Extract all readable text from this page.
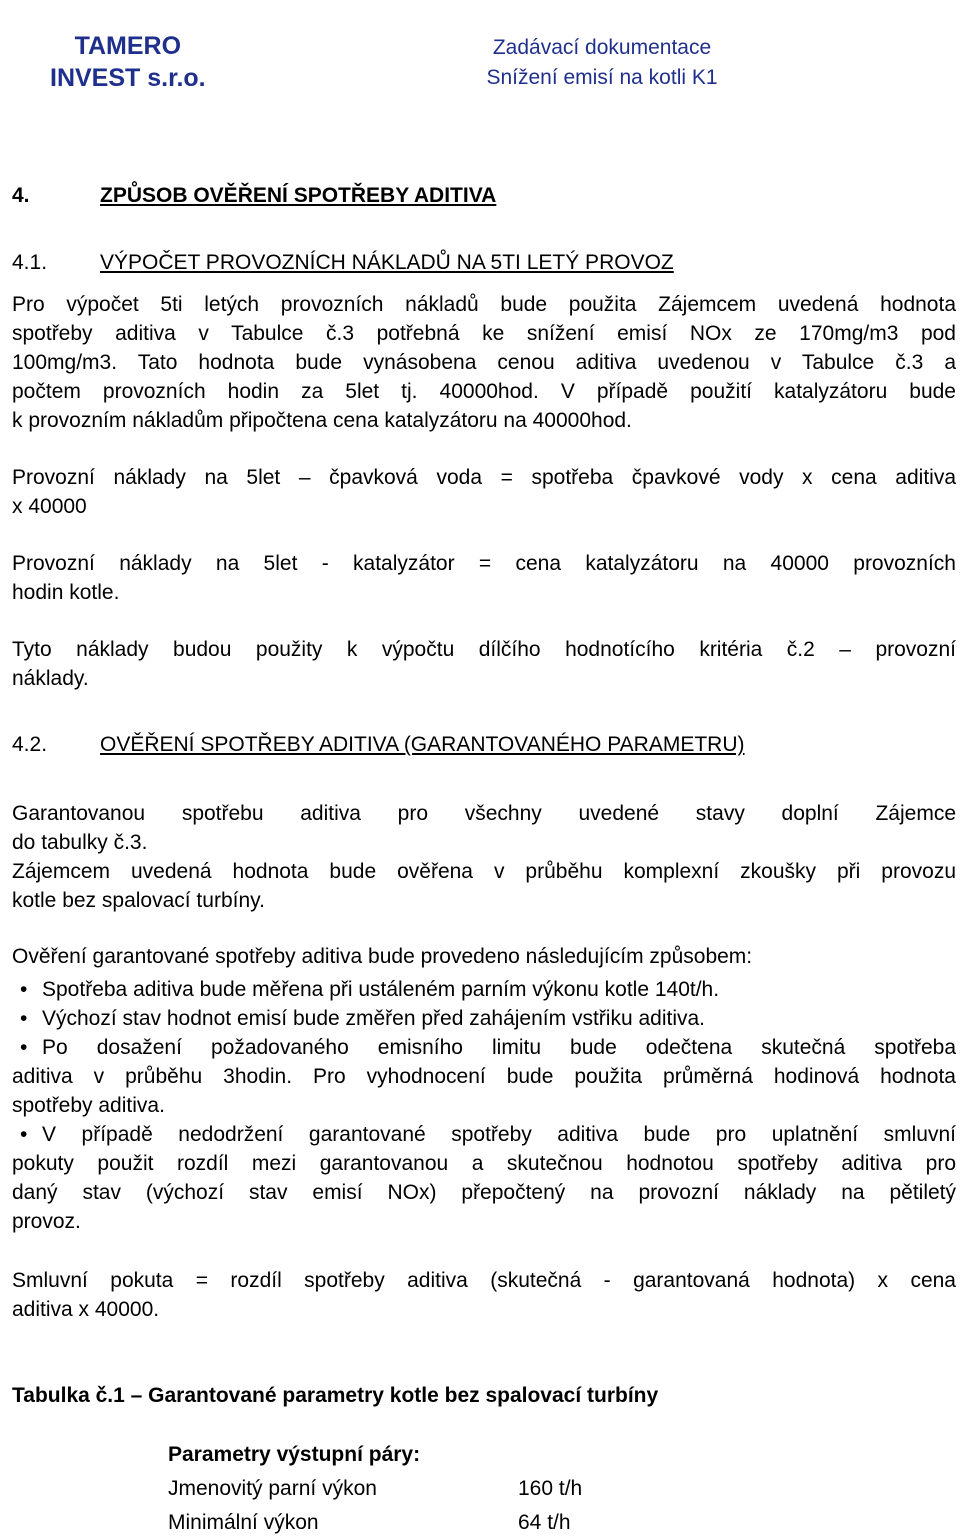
TAMERO
INVEST s.r.o.
Zadávací dokumentace
Snížení emisí na kotli K1
4.	ZPŮSOB OVĚŘENÍ SPOTŘEBY ADITIVA
4.1.	VÝPOČET PROVOZNÍCH NÁKLADŮ NA 5TI LETÝ PROVOZ
Pro výpočet 5ti letých provozních nákladů bude použita Zájemcem uvedená hodnota
spotřeby aditiva v Tabulce č.3 potřebná ke snížení emisí NOx ze 170mg/m3 pod
100mg/m3. Tato hodnota bude vynásobena cenou aditiva uvedenou v Tabulce č.3 a
počtem provozních hodin za 5let tj. 40000hod. V případě použití katalyzátoru bude
k provozním nákladům připočtena cena katalyzátoru na 40000hod.
Provozní náklady na 5let – čpavková voda = spotřeba čpavkové vody x cena aditiva
x 40000
Provozní náklady na 5let - katalyzátor = cena katalyzátoru na 40000 provozních
hodin kotle.
Tyto náklady budou použity k výpočtu dílčího hodnotícího kritéria č.2 – provozní
náklady.
4.2.	OVĚŘENÍ SPOTŘEBY ADITIVA (GARANTOVANÉHO PARAMETRU)
Garantovanou spotřebu aditiva pro všechny uvedené stavy doplní Zájemce
do tabulky č.3.
Zájemcem uvedená hodnota bude ověřena v průběhu komplexní zkoušky při provozu
kotle bez spalovací turbíny.
Ověření garantované spotřeby aditiva bude provedeno následujícím způsobem:
• Spotřeba aditiva bude měřena při ustáleném parním výkonu kotle 140t/h.
• Výchozí stav hodnot emisí bude změřen před zahájením vstřiku aditiva.
• Po dosažení požadovaného emisního limitu bude odečtena skutečná spotřeba
aditiva v průběhu 3hodin. Pro vyhodnocení bude použita průměrná hodinová hodnota
spotřeby aditiva.
• V případě nedodržení garantované spotřeby aditiva bude pro uplatnění smluvní
pokuty použit rozdíl mezi garantovanou a skutečnou hodnotou spotřeby aditiva pro
daný stav (výchozí stav emisí NOx) přepočtený na provozní náklady na pětiletý
provoz.
Smluvní pokuta = rozdíl spotřeby aditiva (skutečná - garantovaná hodnota) x cena
aditiva x 40000.
Tabulka č.1 – Garantované parametry kotle bez spalovací turbíny
Parametry výstupní páry:
Jmenovitý parní výkon	160 t/h
Minimální výkon	64 t/h
